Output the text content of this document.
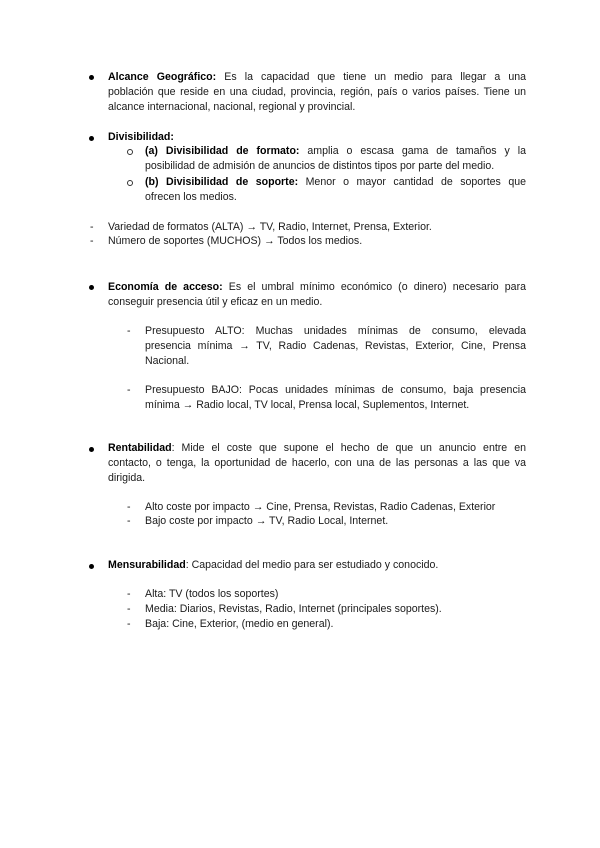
Alcance Geográfico: Es la capacidad que tiene un medio para llegar a una
población que reside en una ciudad, provincia, región, país o varios países. Tiene un
alcance internacional, nacional, regional y provincial.
Divisibilidad:
(a) Divisibilidad de formato: amplia o escasa gama de tamaños y la
posibilidad de admisión de anuncios de distintos tipos por parte del medio.
(b) Divisibilidad de soporte: Menor o mayor cantidad de soportes que
ofrecen los medios.
- Variedad de formatos (ALTA) → TV, Radio, Internet, Prensa, Exterior.
- Número de soportes (MUCHOS) → Todos los medios.
Economía de acceso: Es el umbral mínimo económico (o dinero) necesario para
conseguir presencia útil y eficaz en un medio.
- Presupuesto ALTO: Muchas unidades mínimas de consumo, elevada
presencia mínima → TV, Radio Cadenas, Revistas, Exterior, Cine, Prensa
Nacional.
- Presupuesto BAJO: Pocas unidades mínimas de consumo, baja presencia
mínima → Radio local, TV local, Prensa local, Suplementos, Internet.
Rentabilidad: Mide el coste que supone el hecho de que un anuncio entre en
contacto, o tenga, la oportunidad de hacerlo, con una de las personas a las que va
dirigida.
- Alto coste por impacto → Cine, Prensa, Revistas, Radio Cadenas, Exterior
- Bajo coste por impacto → TV, Radio Local, Internet.
Mensurabilidad: Capacidad del medio para ser estudiado y conocido.
- Alta: TV (todos los soportes)
- Media: Diarios, Revistas, Radio, Internet (principales soportes).
- Baja: Cine, Exterior, (medio en general).
